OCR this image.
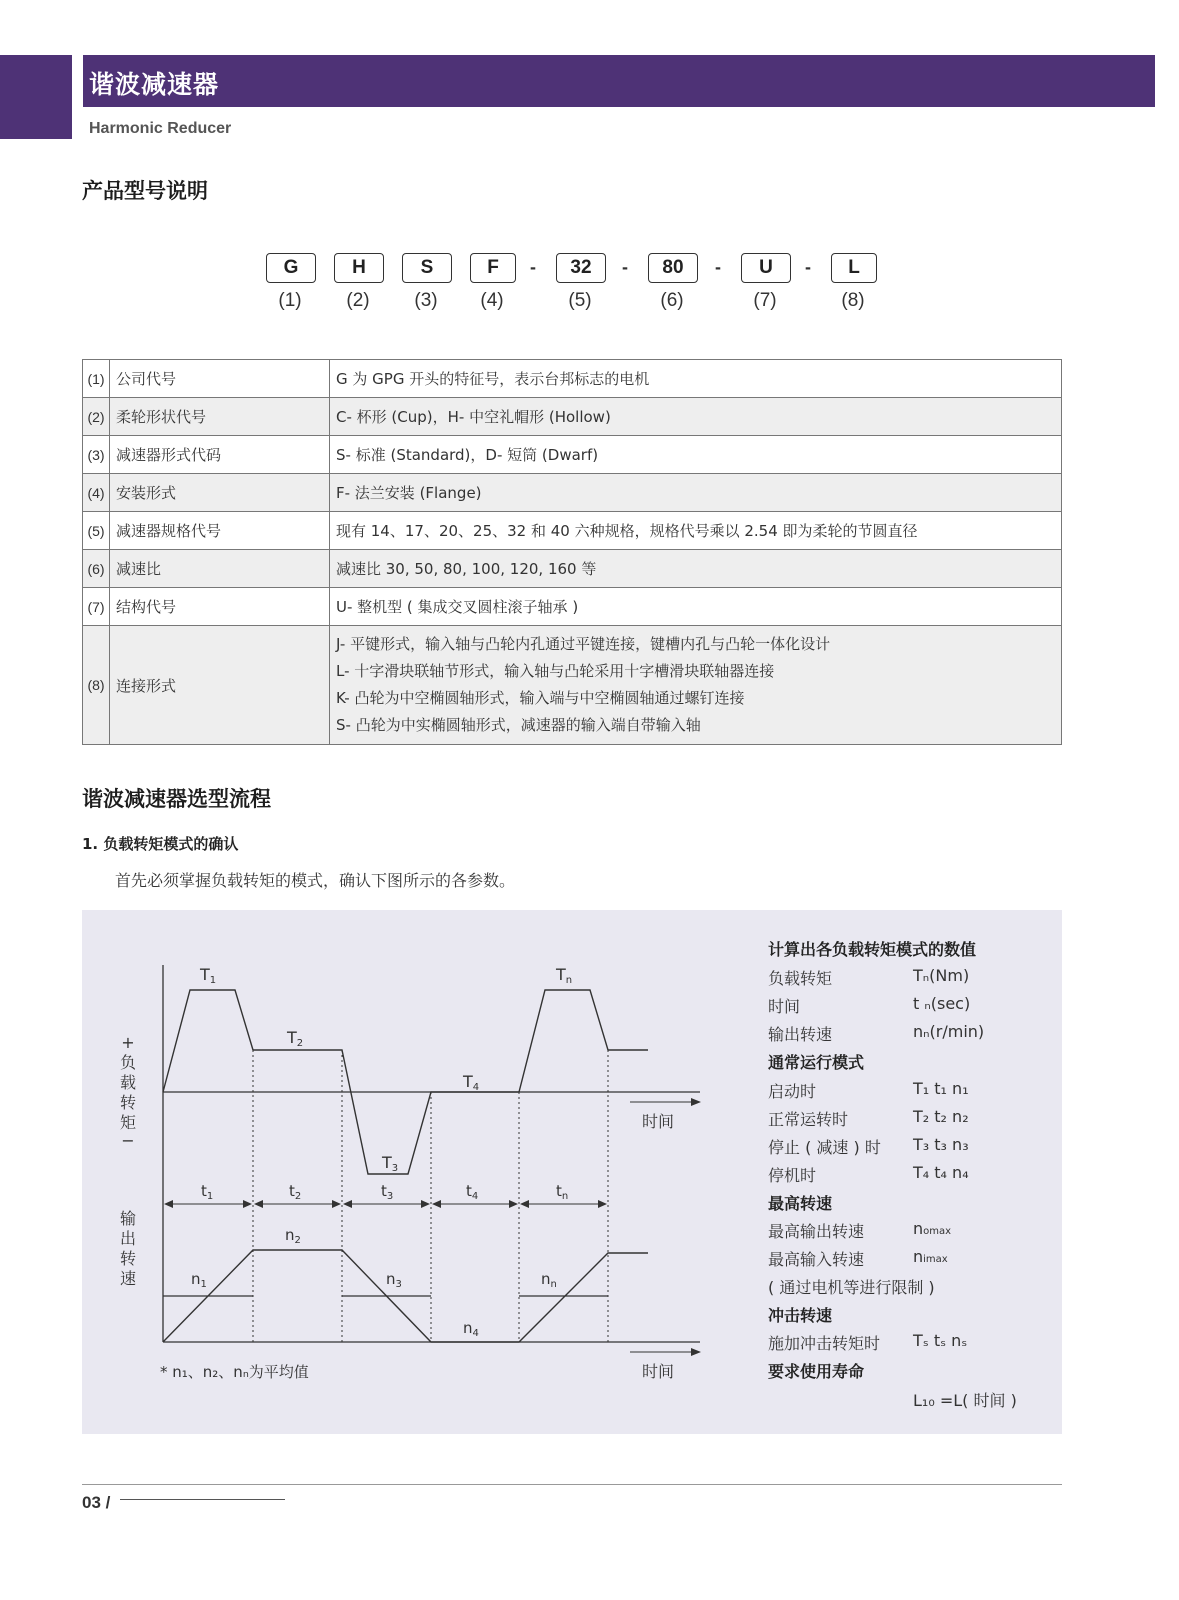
谐波减速器
Harmonic Reducer
产品型号说明
G	H	S	F	-	32	-	80	-	U	-	L
(1)	(2)	(3)	(4)	(5)	(6)	(7)	(8)
(1)	公司代号	G 为 GPG 开头的特征号，表示台邦标志的电机
(2)	柔轮形状代号	C- 杯形 (Cup)，H- 中空礼帽形 (Hollow)
(3)	减速器形式代码	S- 标准 (Standard)，D- 短筒 (Dwarf)
(4)	安装形式	F- 法兰安装 (Flange)
(5)	减速器规格代号	现有 14、17、20、25、32 和 40 六种规格，规格代号乘以 2.54 即为柔轮的节圆直径
(6)	减速比	减速比 30, 50, 80, 100, 120, 160 等
(7)	结构代号	U- 整机型 ( 集成交叉圆柱滚子轴承 )
(8)	连接形式	J- 平键形式，输入轴与凸轮内孔通过平键连接，键槽内孔与凸轮一体化设计
L- 十字滑块联轴节形式，输入轴与凸轮采用十字槽滑块联轴器连接
K- 凸轮为中空椭圆轴形式，输入端与中空椭圆轴通过螺钉连接
S- 凸轮为中实椭圆轴形式，减速器的输入端自带输入轴
谐波减速器选型流程
1. 负载转矩模式的确认
首先必须掌握负载转矩的模式，确认下图所示的各参数。
T1
T2
T3
T4
Tn
$t_1$	$t_2$	$t_3$	$t_4$	$t_n$
$n_1$
$n_2$
$n_3$
$n_4$
$n_n$
时间
时间
+
负
载
转
矩
−
输
出
转
速
* n₁、n₂、nₙ为平均值
计算出各负载转矩模式的数值
负载转矩	Tₙ(Nm)
时间	t ₙ(sec)
输出转速	nₙ(r/min)
通常运行模式
启动时	T₁ t₁ n₁
正常运转时	T₂ t₂ n₂
停止 ( 减速 ) 时 T₃ t₃ n₃
停机时	T₄ t₄ n₄
最高转速
最高输出转速	nomax
最高输入转速	nimax
( 通过电机等进行限制 )
冲击转速
施加冲击转矩时 Tₛ tₛ nₛ
要求使用寿命
L₁₀ =L( 时间 )
03 /
